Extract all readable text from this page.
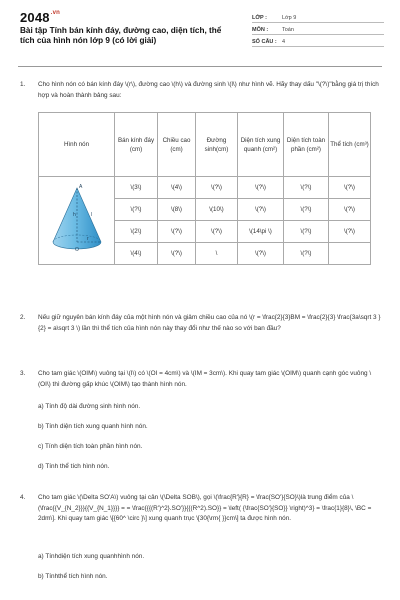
$2048^{.vn}$
Bài tập Tính bán kính đáy, đường cao, diện tích, thể tích của hình nón lớp 9 (có lời giải)
LỚP :	Lớp 9
MÔN :	Toán
SỐ CÂU : 4
1. Cho hình nón có bán kính đáy \(r\), đường cao \(h\) và đường sinh \(l\) như hình vẽ. Hãy thay dấu "\(?\)"bằng giá trị thích hợp và hoàn thành bảng sau:
Hình nón	Bán kính đáy (cm)	Chiều cao (cm)	Đường sinh(cm)	Diện tích xung quanh (cm²)	Diện tích toàn phần (cm²)	Thể tích (cm³)

A
h l
r
O	\(3\)	\(4\)	\(?\)	\(?\)	\(?\)	\(?\)
	\(?\)	\(8\)	\(10\)	\(?\)	\(?\)	\(?\)
	\(2\)	\(?\)	\(?\)	\(14\pi \)	\(?\)	\(?\)
	\(4\)	\(?\)	\	\(?\)	\(?\)	
2. Nếu giữ nguyên bán kính đáy của một hình nón và giảm chiều cao của nó \(r = \frac{2}{3}BM = \frac{2}{3} \frac{3a\sqrt 3 }{2} = a\sqrt 3 \) lần thì thể tích của hình nón này thay đổi như thế nào so với ban đầu?
3. Cho tam giác \(OIM\) vuông tại \(I\) có \(OI = 4cm\) và \(IM = 3cm\). Khi quay tam giác \(OIM\) quanh cạnh góc vuông \(OI\) thì đường gấp khúc \(OIM\) tạo thành hình nón.
a) Tính độ dài đường sinh hình nón.
b) Tính diện tích xung quanh hình nón.
c) Tính diện tích toàn phần hình nón.
d) Tính thể tích hình nón.
4. Cho tam giác \(\Delta SO'A\) vuông tại cân \(\Delta SOB\), gọi \(\frac{R'}{R} = \frac{SO'}{SO}\)là trung điểm của \(\frac{{V_{N_2}}}{{V_{N_1}}}} = = \frac{{{(R')^2}.SO'}}{{(R^2).SO}} = \left( {\frac{SO'}{SO}} \right)^3} = \frac{1}{8}\, \BC = 2dm\]. Khi quay tam giác \[{60^ \circ }\] xung quanh trục \[30{\rm{ }}cm\] ta được hình nón.
a) Tínhdiện tích xung quanhhình nón.
b) Tínhthể tích hình nón.
